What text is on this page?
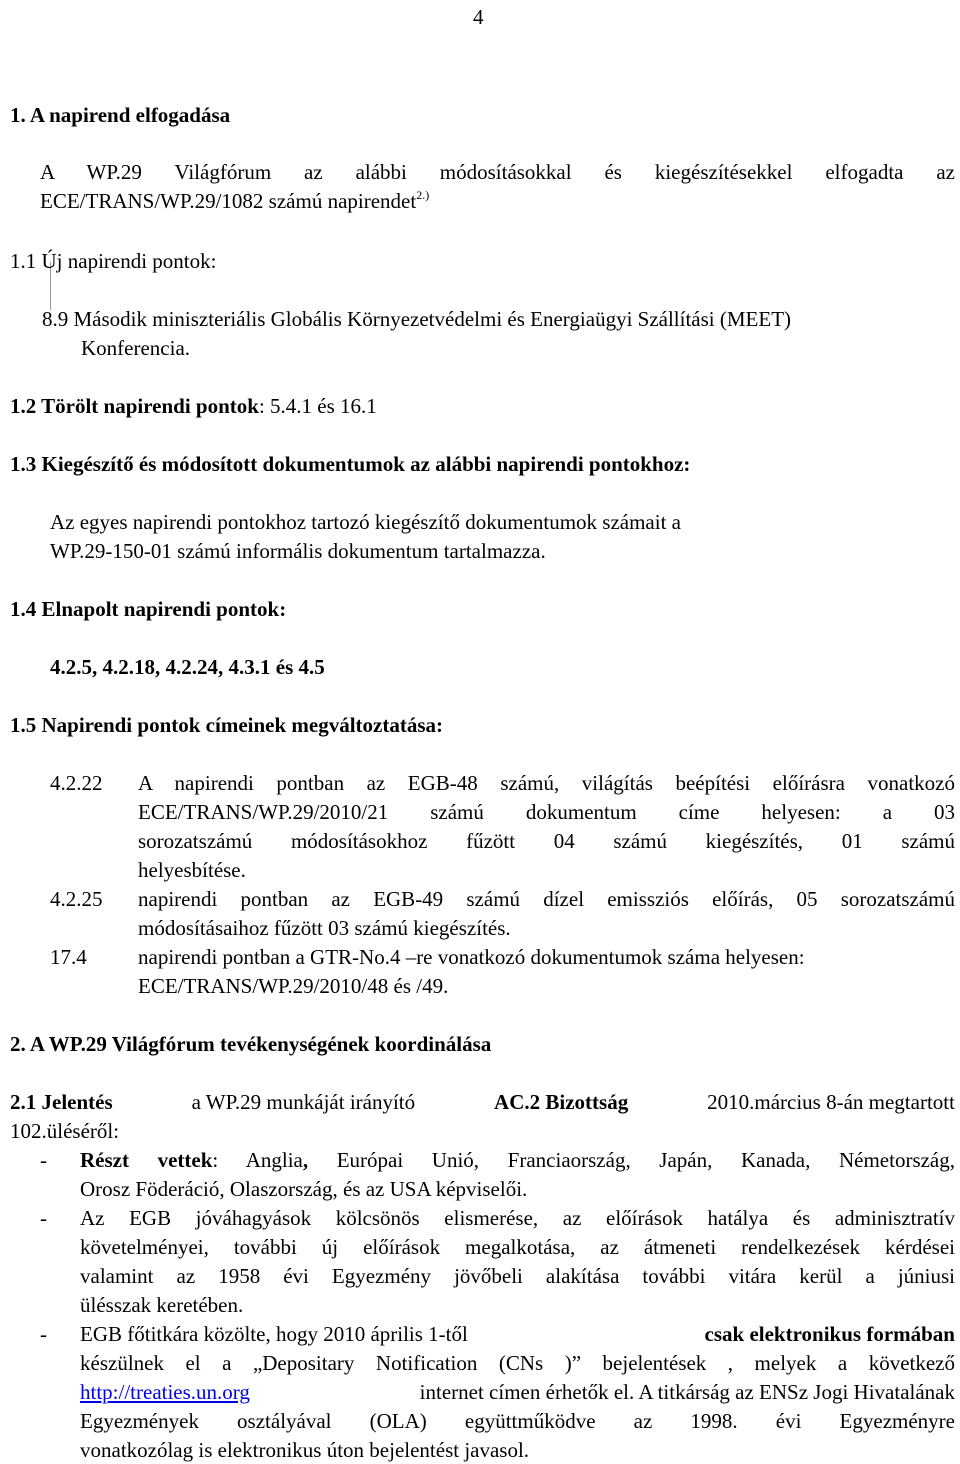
4
1. A napirend elfogadása
A WP.29 Világfórum az alábbi módosításokkal és kiegészítésekkel elfogadta az
ECE/TRANS/WP.29/1082 számú napirendet$^{2.)}$
1.1 Új napirendi pontok:
8.9 Második miniszteriális Globális Környezetvédelmi és Energiaügyi Szállítási (MEET)
Konferencia.
1.2 Törölt napirendi pontok: 5.4.1 és 16.1
1.3 Kiegészítő és módosított dokumentumok az alábbi napirendi pontokhoz:
Az egyes napirendi pontokhoz tartozó kiegészítő dokumentumok számait a
WP.29-150-01 számú informális dokumentum tartalmazza.
1.4 Elnapolt napirendi pontok:
4.2.5, 4.2.18, 4.2.24, 4.3.1 és 4.5
1.5 Napirendi pontok címeinek megváltoztatása:
4.2.22 A napirendi pontban az EGB-48 számú, világítás beépítési előírásra vonatkozó
ECE/TRANS/WP.29/2010/21 számú dokumentum címe helyesen: a 03
sorozatszámú módosításokhoz fűzött 04 számú kiegészítés, 01 számú
helyesbítése.
4.2.25 napirendi pontban az EGB-49 számú dízel emissziós előírás, 05 sorozatszámú
módosításaihoz fűzött 03 számú kiegészítés.
17.4 napirendi pontban a GTR-No.4 –re vonatkozó dokumentumok száma helyesen:
ECE/TRANS/WP.29/2010/48 és /49.
2. A WP.29 Világfórum tevékenységének koordinálása
2.1 Jelentés	a WP.29 munkáját irányító	AC.2 Bizottság	2010.március 8-án megtartott
102.üléséről:
- Részt vettek: Anglia, Európai Unió, Franciaország, Japán, Kanada, Németország,
Orosz Föderáció, Olaszország, és az USA képviselői.
- Az EGB jóváhagyások kölcsönös elismerése, az előírások hatálya és adminisztratív
követelményei, további új előírások megalkotása, az átmeneti rendelkezések kérdései
valamint az 1958 évi Egyezmény jövőbeli alakítása további vitára kerül a júniusi
ülésszak keretében.
- EGB főtitkára közölte, hogy 2010 április 1-től	csak elektronikus formában
készülnek el a „Depositary Notification (CNs )” bejelentések , melyek a következő
http://treaties.un.org	internet címen érhetők el. A titkárság az ENSz Jogi Hivatalának
Egyezmények osztályával (OLA) együttműködve az 1998. évi Egyezményre
vonatkozólag is elektronikus úton bejelentést javasol.
